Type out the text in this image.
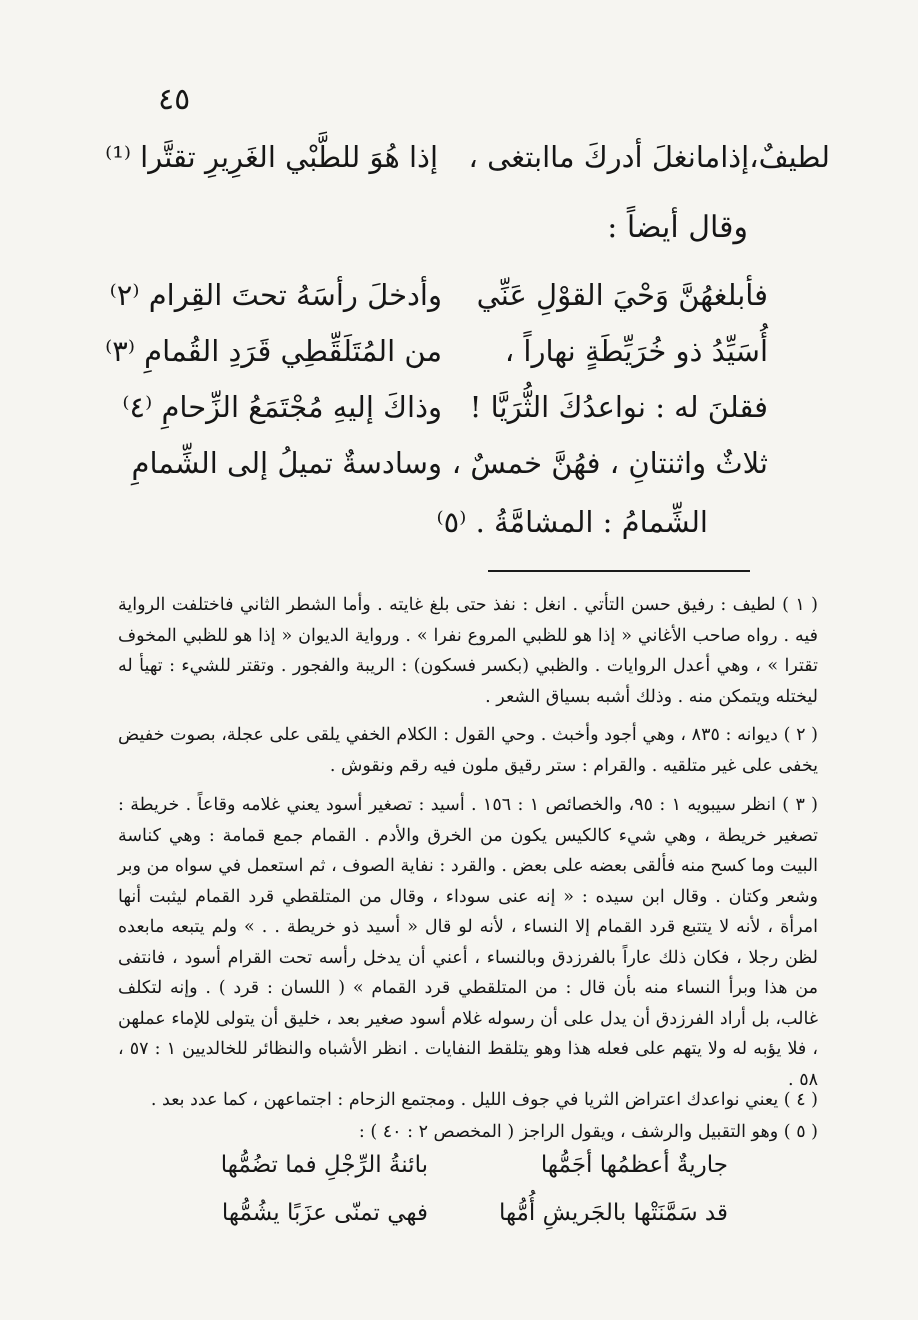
٤٥
لطيفٌ،إذامانغلَ أدركَ ماابتغى ،
إذا هُوَ للطَّبْي الغَرِيرِ تقتَّرا ⁽¹⁾
وقال أيضاً :
فأبلغهُنَّ وَحْيَ القوْلِ عَنِّي
وأدخلَ رأسَهُ تحتَ القِرام ⁽٢⁾
أُسَيِّدُ ذو خُرَيِّطَةٍ نهاراً ،
من المُتَلَقِّطِي قَرَدِ القُمامِ ⁽٣⁾
فقلنَ له : نواعدُكَ الثُّرَيَّا !
وذاكَ إليهِ مُجْتَمَعُ الزِّحامِ ⁽٤⁾
ثلاثٌ واثنتانِ ، فهُنَّ خمسٌ ،
وسادسةٌ تميلُ إلى الشِّمامِ
الشِّمامُ : المشامَّةُ . ⁽٥⁾

( ١ ) لطيف : رفيق حسن التأتي . انغل : نفذ حتى بلغ غايته . وأما الشطر الثاني فاختلفت الرواية فيه . رواه صاحب الأغاني « إذا هو للظبي المروع نفرا » . ورواية الديوان « إذا هو للظبي المخوف تقترا » ، وهي أعدل الروايات . والظبي (بكسر فسكون) : الريبة والفجور . وتقتر للشيء : تهيأ له ليختله ويتمكن منه . وذلك أشبه بسياق الشعر .

( ٢ ) ديوانه : ٨٣٥ ، وهي أجود وأخبث . وحي القول : الكلام الخفي يلقى على عجلة، بصوت خفيض يخفى على غير متلقيه . والقرام : ستر رقيق ملون فيه رقم ونقوش .

( ٣ ) انظر سيبويه ١ : ٩٥، والخصائص ١ : ١٥٦ . أسيد : تصغير أسود يعني غلامه وقاعاً . خريطة : تصغير خريطة ، وهي شيء كالكيس يكون من الخرق والأدم . القمام جمع قمامة : وهي كناسة البيت وما كسح منه فألقى بعضه على بعض . والقرد : نفاية الصوف ، ثم استعمل في سواه من وبر وشعر وكتان . وقال ابن سيده : « إنه عنى سوداء ، وقال من المتلقطي قرد القمام ليثبت أنها امرأة ، لأنه لا يتتبع قرد القمام إلا النساء ، لأنه لو قال « أسيد ذو خريطة . . » ولم يتبعه مابعده لظن رجلا ، فكان ذلك عاراً بالفرزدق وبالنساء ، أعني أن يدخل رأسه تحت القرام أسود ، فانتفى من هذا وبرأ النساء منه بأن قال : من المتلقطي قرد القمام » ( اللسان : قرد ) . وإنه لتكلف غالب، بل أراد الفرزدق أن يدل على أن رسوله غلام أسود صغير بعد ، خليق أن يتولى للإماء عملهن ، فلا يؤبه له ولا يتهم على فعله هذا وهو يتلقط النفايات . انظر الأشباه والنظائر للخالديين ١ : ٥٧ ، ٥٨ .

( ٤ ) يعني نواعدك اعتراض الثريا في جوف الليل . ومجتمع الزحام : اجتماعهن ، كما عدد بعد .

( ٥ ) وهو التقبيل والرشف ، ويقول الراجز ( المخصص ٢ : ٤٠ ) :

جاريةٌ أعظمُها أجَمُّها
بائنةُ الرِّجْلِ فما تضُمُّها
قد سَمَّنَتْها بالجَريشِ أُمُّها
فهي تمنّى عزَبًا يشُمُّها
